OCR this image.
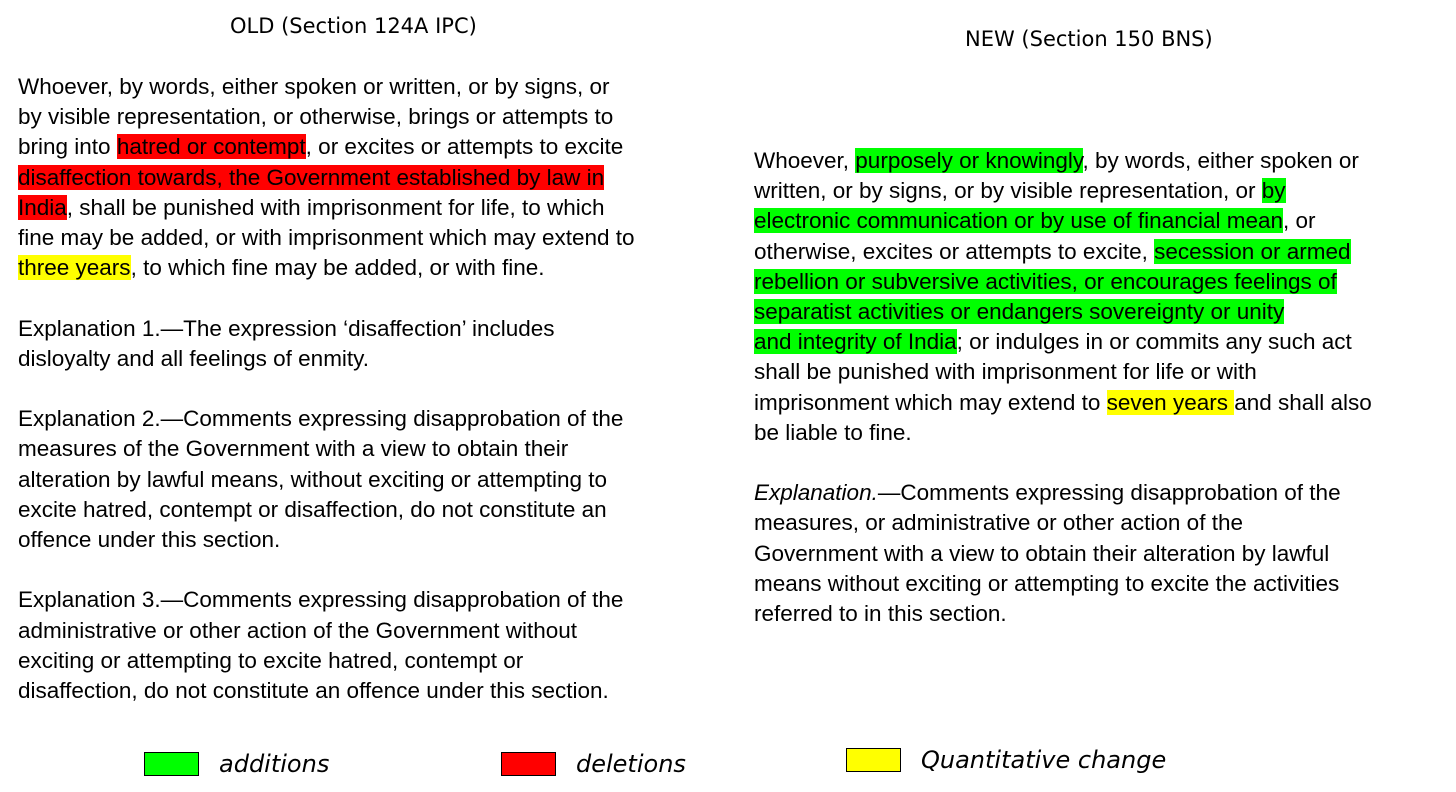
OLD (Section 124A IPC)
Whoever, by words, either spoken or written, or by signs, or
by visible representation, or otherwise, brings or attempts to
bring into hatred or contempt, or excites or attempts to excite
disaffection towards, the Government established by law in
India, shall be punished with imprisonment for life, to which
fine may be added, or with imprisonment which may extend to
three years, to which fine may be added, or with fine.
Explanation 1.—The expression ‘disaffection’ includes
disloyalty and all feelings of enmity.
Explanation 2.—Comments expressing disapprobation of the
measures of the Government with a view to obtain their
alteration by lawful means, without exciting or attempting to
excite hatred, contempt or disaffection, do not constitute an
offence under this section.
Explanation 3.—Comments expressing disapprobation of the
administrative or other action of the Government without
exciting or attempting to excite hatred, contempt or
disaffection, do not constitute an offence under this section.
NEW (Section 150 BNS)
Whoever, purposely or knowingly, by words, either spoken or
written, or by signs, or by visible representation, or by
electronic communication or by use of financial mean, or
otherwise, excites or attempts to excite, secession or armed
rebellion or subversive activities, or encourages feelings of
separatist activities or endangers sovereignty or unity
and integrity of India; or indulges in or commits any such act
shall be punished with imprisonment for life or with
imprisonment which may extend to seven years and shall also
be liable to fine.
Explanation.—Comments expressing disapprobation of the
measures, or administrative or other action of the
Government with a view to obtain their alteration by lawful
means without exciting or attempting to excite the activities
referred to in this section.
additions	deletions	Quantitative change
